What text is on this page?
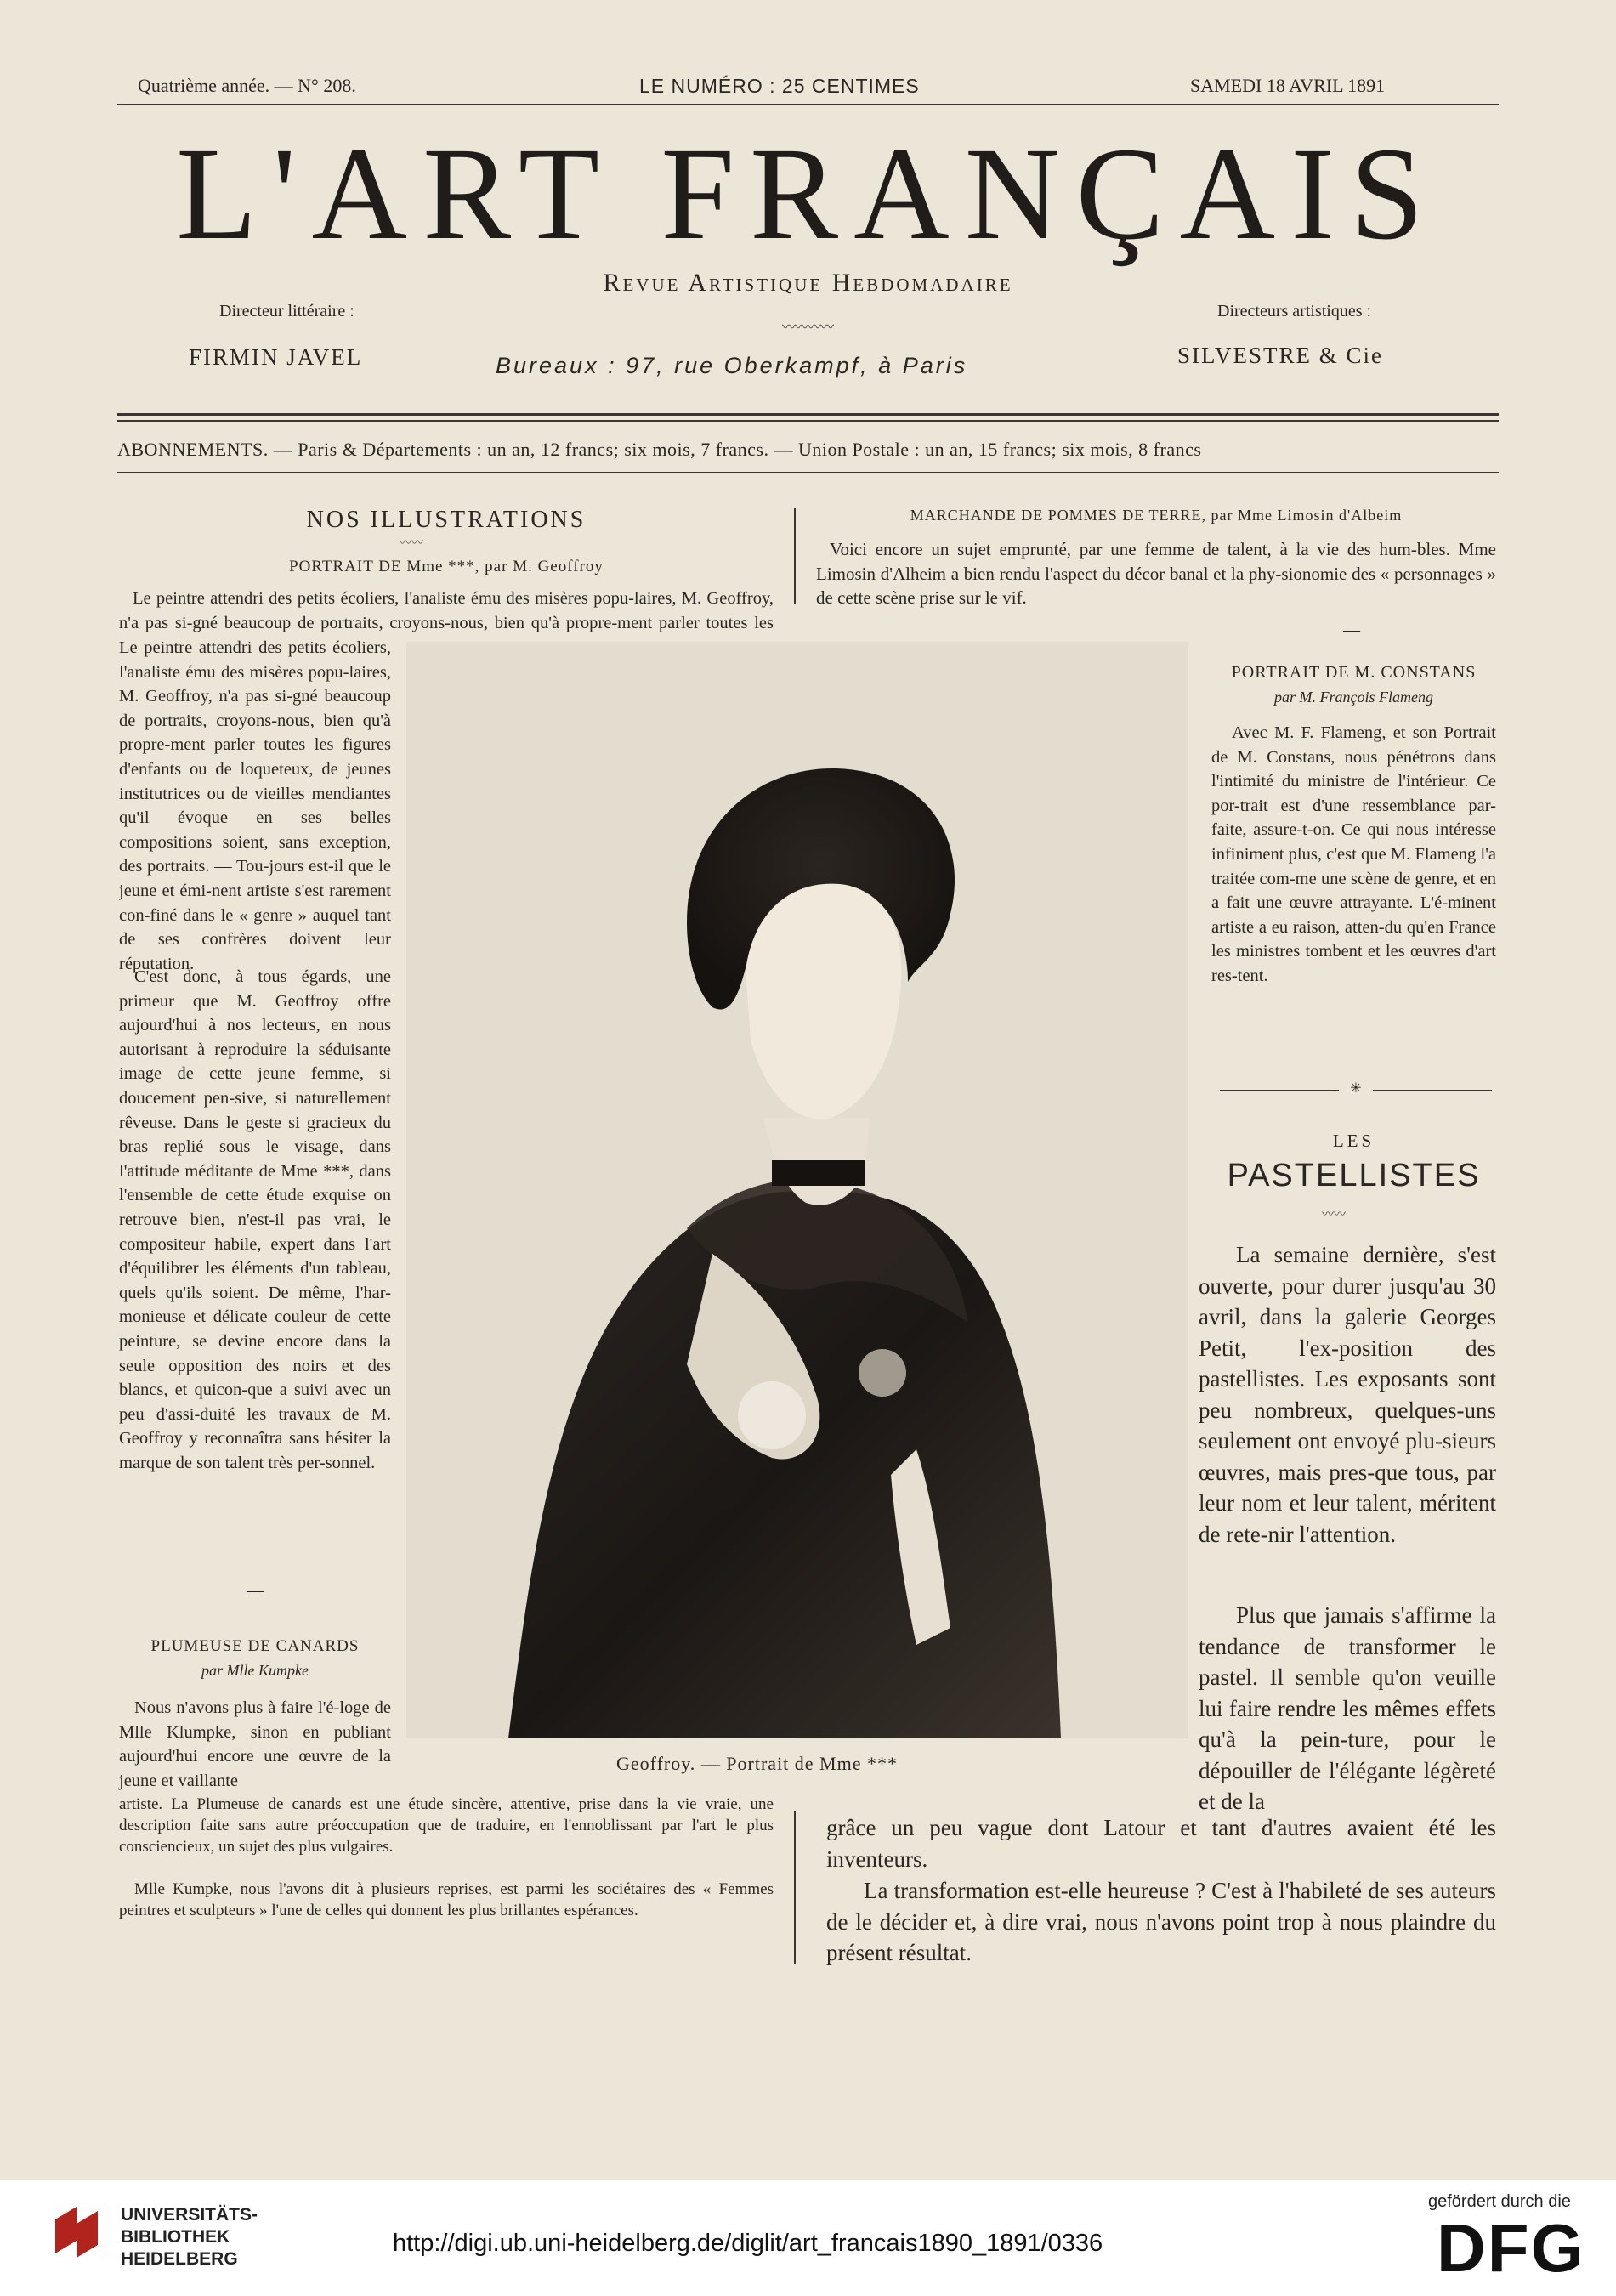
Quatrième année. — N° 208.	LE NUMÉRO : 25 CENTIMES	SAMEDI 18 AVRIL 1891
L'ART FRANÇAIS
Revue Artistique Hebdomadaire
〰〰〰〰
Directeur littéraire :
FIRMIN JAVEL	Bureaux : 97, rue Oberkampf, à Paris
Directeurs artistiques :
SILVESTRE & Cie
ABONNEMENTS. — Paris & Départements : un an, 12 francs; six mois, 7 francs. — Union Postale : un an, 15 francs; six mois, 8 francs
NOS ILLUSTRATIONS
〰〰
PORTRAIT DE Mme ***, par M. Geoffroy
Le peintre attendri des petits écoliers, l'analiste ému des misères popu-laires, M. Geoffroy, n'a pas si-gné beaucoup de portraits, croyons-nous, bien qu'à propre-ment parler toutes les
Le peintre attendri des petits écoliers, l'analiste ému des misères popu-laires, M. Geoffroy, n'a pas si-gné beaucoup de portraits, croyons-nous, bien qu'à propre-ment parler toutes les figures d'enfants ou de loqueteux, de jeunes institutrices ou de vieilles mendiantes qu'il évoque en ses belles compositions soient, sans exception, des portraits. — Tou-jours est-il que le jeune et émi-nent artiste s'est rarement con-finé dans le « genre » auquel tant de ses confrères doivent leur réputation.
C'est donc, à tous égards, une primeur que M. Geoffroy offre aujourd'hui à nos lecteurs, en nous autorisant à reproduire la séduisante image de cette jeune femme, si doucement pen-sive, si naturellement rêveuse. Dans le geste si gracieux du bras replié sous le visage, dans l'attitude méditante de Mme ***, dans l'ensemble de cette étude exquise on retrouve bien, n'est-il pas vrai, le compositeur habile, expert dans l'art d'équilibrer les éléments d'un tableau, quels qu'ils soient. De même, l'har-monieuse et délicate couleur de cette peinture, se devine encore dans la seule opposition des noirs et des blancs, et quicon-que a suivi avec un peu d'assi-duité les travaux de M. Geoffroy y reconnaîtra sans hésiter la marque de son talent très per-sonnel.
—
PLUMEUSE DE CANARDS
par Mlle Kumpke
Nous n'avons plus à faire l'é-loge de Mlle Klumpke, sinon en publiant aujourd'hui encore une œuvre de la jeune et vaillante
artiste. La Plumeuse de canards est une étude sincère, attentive, prise dans la vie vraie, une description faite sans autre préoccupation que de traduire, en l'ennoblissant par l'art le plus consciencieux, un sujet des plus vulgaires.
Mlle Kumpke, nous l'avons dit à plusieurs reprises, est parmi les sociétaires des « Femmes peintres et sculpteurs » l'une de celles qui donnent les plus brillantes espérances.
MARCHANDE DE POMMES DE TERRE, par Mme Limosin d'Albeim
Voici encore un sujet emprunté, par une femme de talent, à la vie des hum-bles. Mme Limosin d'Alheim a bien rendu l'aspect du décor banal et la phy-sionomie des « personnages » de cette scène prise sur le vif.
—
Geoffroy. — Portrait de Mme ***
PORTRAIT DE M. CONSTANS
par M. François Flameng
Avec M. F. Flameng, et son Portrait de M. Constans, nous pénétrons dans l'intimité du ministre de l'intérieur. Ce por-trait est d'une ressemblance par-faite, assure-t-on. Ce qui nous intéresse infiniment plus, c'est que M. Flameng l'a traitée com-me une scène de genre, et en a fait une œuvre attrayante. L'é-minent artiste a eu raison, atten-du qu'en France les ministres tombent et les œuvres d'art res-tent.
✳
LES
PASTELLISTES
〰〰
La semaine dernière, s'est ouverte, pour durer jusqu'au 30 avril, dans la galerie Georges Petit, l'ex-position des pastellistes. Les exposants sont peu nombreux, quelques-uns seulement ont envoyé plu-sieurs œuvres, mais pres-que tous, par leur nom et leur talent, méritent de rete-nir l'attention.
Plus que jamais s'affirme la tendance de transformer le pastel. Il semble qu'on veuille lui faire rendre les mêmes effets qu'à la pein-ture, pour le dépouiller de l'élégante légèreté et de la
grâce un peu vague dont Latour et tant d'autres avaient été les inventeurs.
La transformation est-elle heureuse ? C'est à l'habileté de ses auteurs de le décider et, à dire vrai, nous n'avons point trop à nous plaindre du présent résultat.
UNIVERSITÄTS-
BIBLIOTHEK
HEIDELBERG
http://digi.ub.uni-heidelberg.de/diglit/art_francais1890_1891/0336
gefördert durch die
DFG
